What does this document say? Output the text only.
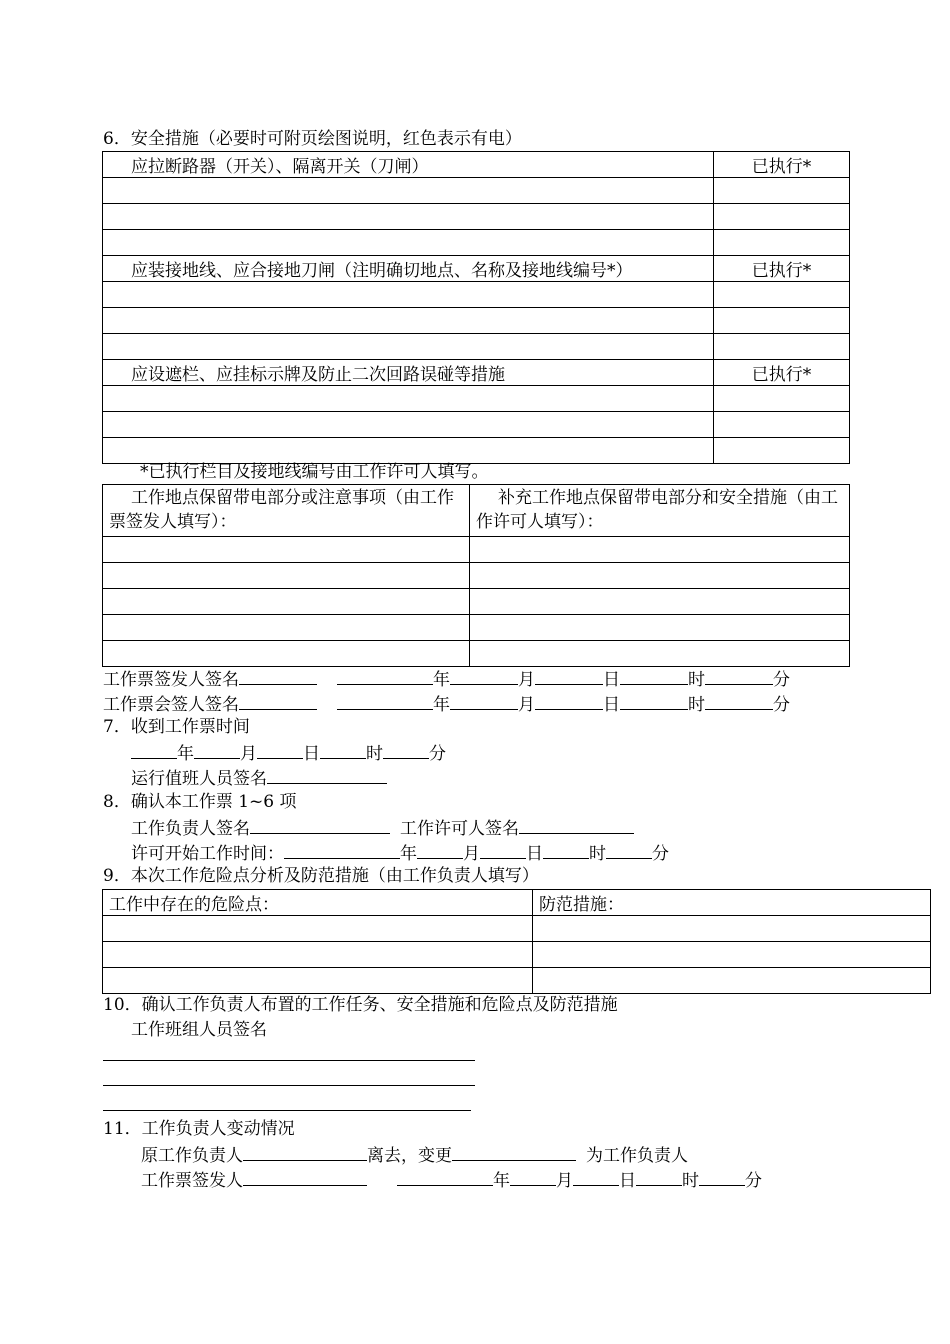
6．安全措施（必要时可附页绘图说明，红色表示有电）
应拉断路器（开关）、隔离开关（刀闸）	已执行*

应装接地线、应合接地刀闸（注明确切地点、名称及接地线编号*）	已执行*

应设遮栏、应挂标示牌及防止二次回路误碰等措施	已执行*

*已执行栏目及接地线编号由工作许可人填写。
工作地点保留带电部分或注意事项（由工作票签发人填写）：	补充工作地点保留带电部分和安全措施（由工作许可人填写）：

工作票签发人签名	年	月	日	时	分
工作票会签人签名	年	月	日	时	分
7．收到工作票时间
年	月	日	时	分
运行值班人员签名
8．确认本工作票 1~6 项
工作负责人签名	工作许可人签名
许可开始工作时间：	年	月	日	时	分
9．本次工作危险点分析及防范措施（由工作负责人填写）
工作中存在的危险点：	防范措施：

10．确认工作负责人布置的工作任务、安全措施和危险点及防范措施
工作班组人员签名
11．工作负责人变动情况
原工作负责人	离去，变更	为工作负责人
工作票签发人	年	月	日	时	分
